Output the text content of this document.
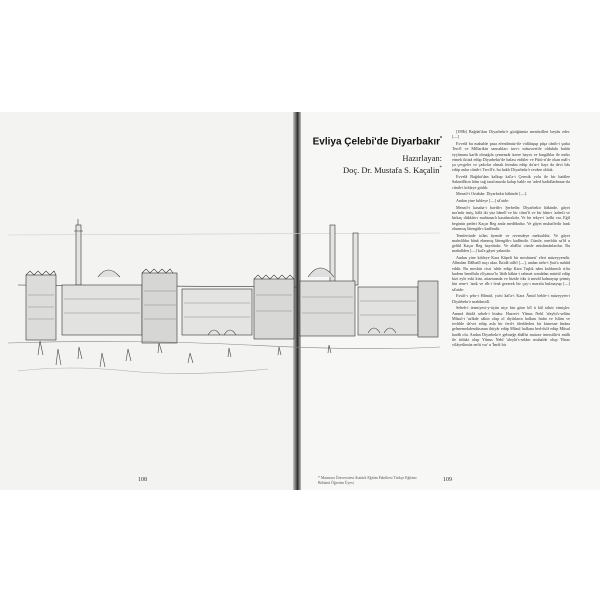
108	109

Evliya Çelebi'de Diyarbakır*

Hazırlayan:

Doç. Dr. Mustafa S. Kaçalin*

[198b] Bağdat'dan Diyarbekr'e gittiğümüz menâzilleri beyân eder. [—]

Evvelâ bu mahalde pasa efendimüz-ile vidâlaşup pâşa cânib-i şarka Tercîl ve Millarikin sancakları tavr-ı mâsruvetile oldukda bahâr eyyâmına karîb olmağıla çemenzâr üzere bayırı ve bargâhlar ile meks etmek iktizâ edüp Diyarbekir'de halası etdüler ve Fütü-ri'de okan mâl-ı şu çevgeler ve çadırlar olmak fermânı edüp da'ar-i hayr da devi bâs edüp anlar cânib-i Tercîl'e, bu hakîr Diyarbekr'e revâne olduk.

Evvelâ Bağdat'dan kalkup kal'a-i Çermik yolu ile bir hatâlee Sakındîkon hâm sağ tarafımızda kalup haklr on 'aded hadidlarâmuz-ıla cânib-i kıbleye gitdik:

Menzil-i Ortahân: Diyarbekir hâkinde [—].

Andan yine kıbleye [—] sâ'atde:

Menzil-i kasaba-i bavâb-ı Şerbetîn: Diyarbekir hâkinde, gâyet ma'mûr imiş, hâlâ iki yüz hânelî ve bir câmi'li ve bir hâm-ı 'azîmli ve birkaç dükkân-ı muhtasarlı kasabacıkdır. Ve bir tekye-i 'azîki var. Eğil beginün pederi Kaçar Beg anda medfûndur. Ve gâyet muhaffedir hınk olunmuş lâtengâh-ı kadîmdir.

Temîertinde ta'âm âyende ve revendeye meksuldür. Ve gâyet mahsûldar bânâ ekmmış lâtengâh-ı kadîmdir. Cümle, merbûtı sa'îd u gehîd Kaçar Beg hayrâtıdır. Ve ahâlîsi cümle müslimânlardur. Bu mahallden [—] kal'a gâyet yakındır.

Andan yine kıbleye Kara Kûpeli bir mesâmesi' eleri müzeyyendir. Alîmdan Dâlbatlî naçı akar. İktidâ tıdîrî [—], andan nehr-i Şatt'a nuhûd eddir. Bu mesbür cisri 'ubûr edüp Kara Taşlık nâm kaldırımlı riftu kudem bendlulu rû'yanoz'la 'âbib hâkin-i rahmet somâdan mürtül edüp bizi eyle eski kim, attarmanda ve bizide tiks ü mezâl kalmayup şetmiş bin rene-i 'anik ve rîh-i fenâ gezerek bir çay-ı meralu bulmayup [—] sâ'atde:

Evsâf-ı şehr-i Hâmid, ya'ni kal'a-i Kara Âmid belde-i müzeyyen-i Diyârbekr'e mahûmidî.

Sebeb-i tesmiyesi-y-üçün niçe bin göne kîl ü kâl tahrir etmişler. Ammâ ibtidâ sebeb-i binâsı: Hazret-i Yûnus Nebî 'aleyhi's-selâm Mûsul-i 'azîkde sâkin olup ol diyârların halkını îmân ve îslâm ve tevhîde da'vet edüp asla bir ferd-i âferîdeden bir kimesne îmâna gelmemekdendüsınan ihtiyâr edüp Mûsul halkına bed-du'â edüp Mûsul harâb olu. Andan Diyarbekr'e gelmeğe âhâlîsi muizze intersâlü-ü mülk ile ittihâz olup Yûnus Nebî 'aleyhi's-selâm muhalde olup 'Biraz vilâyetlimüz nefti var' u 'İmdi bir

* Marmara Üniversitesi Atatürk Eğitim Fakültesi Türkçe Eğitimi Bölümü Öğretim Üyesi
